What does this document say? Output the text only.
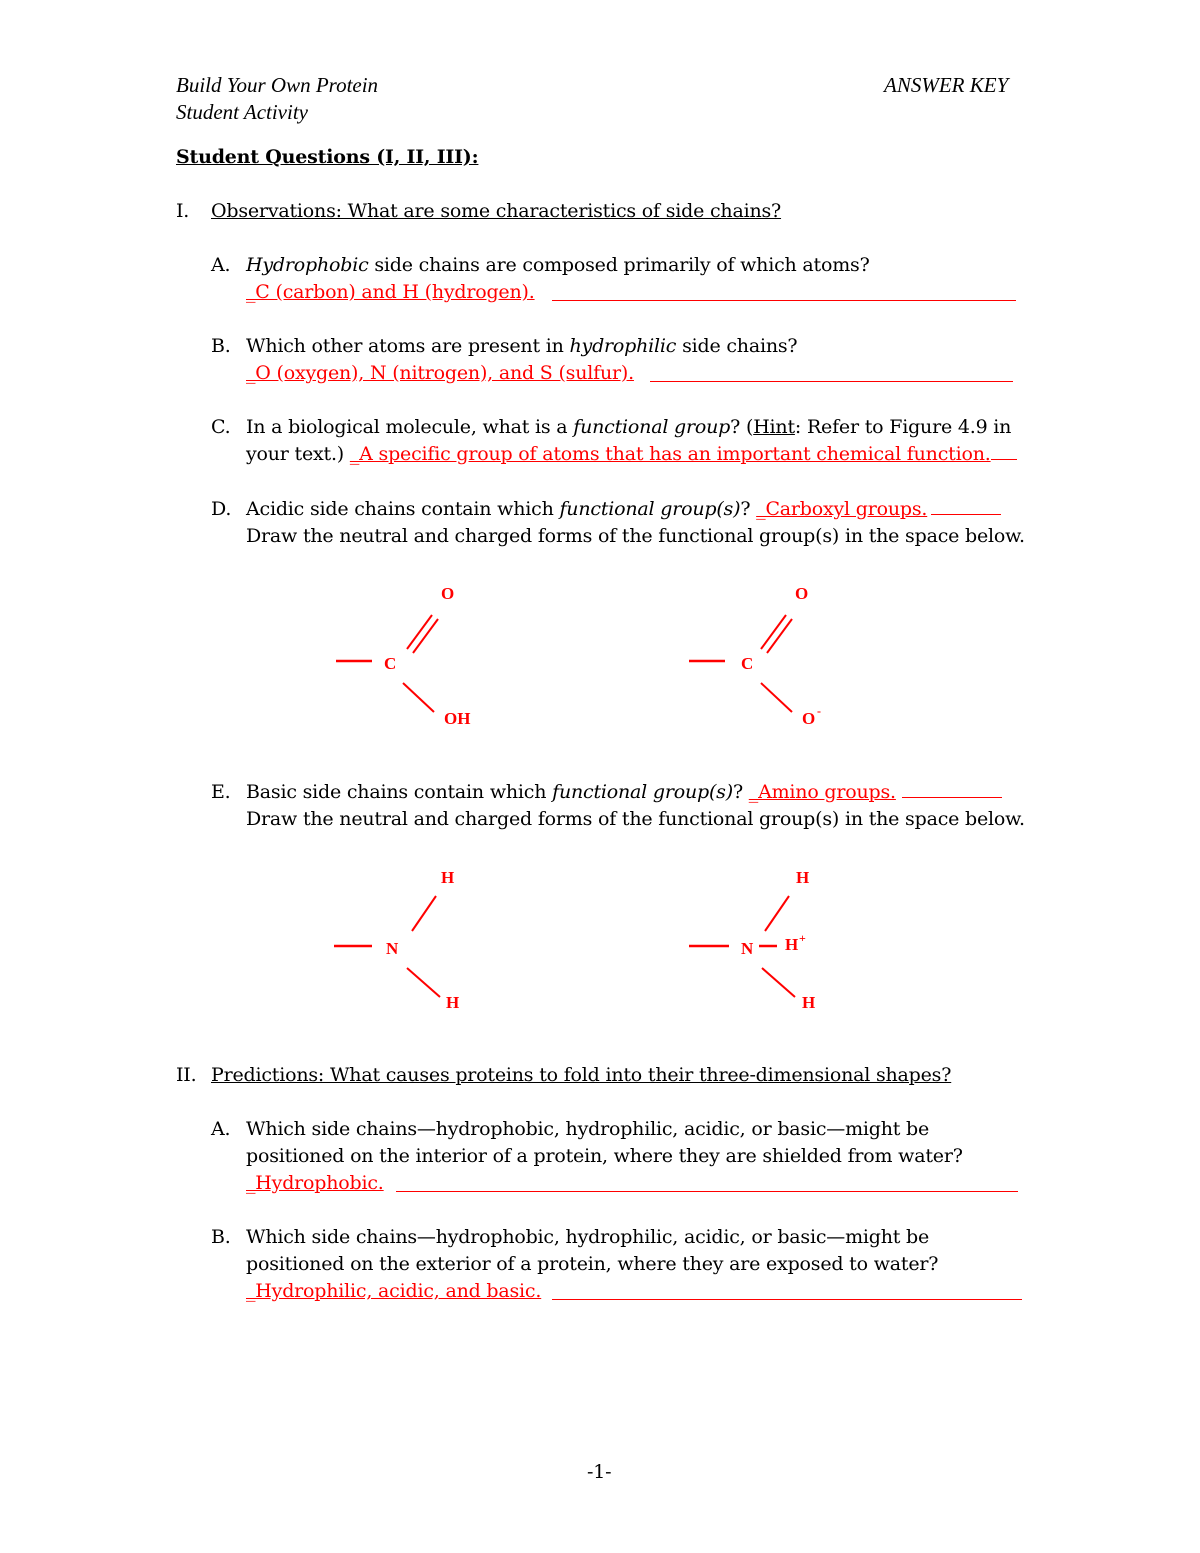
Build Your Own Protein
Student Activity
ANSWER KEY
Student Questions (I, II, III):
I. Observations: What are some characteristics of side chains?
A. Hydrophobic side chains are composed primarily of which atoms?
_C (carbon) and H (hydrogen).
B. Which other atoms are present in hydrophilic side chains?
_O (oxygen), N (nitrogen), and S (sulfur).
C. In a biological molecule, what is a functional group? (Hint: Refer to Figure 4.9 in
your text.) _A specific group of atoms that has an important chemical function.
D. Acidic side chains contain which functional group(s)? _Carboxyl groups.
Draw the neutral and charged forms of the functional group(s) in the space below.
O
C
OH
O
C
O -
E. Basic side chains contain which functional group(s)? _Amino groups.
Draw the neutral and charged forms of the functional group(s) in the space below.
H
N
H
H
N H +
H
II. Predictions: What causes proteins to fold into their three-dimensional shapes?
A. Which side chains—hydrophobic, hydrophilic, acidic, or basic—might be
positioned on the interior of a protein, where they are shielded from water?
_Hydrophobic.
B. Which side chains—hydrophobic, hydrophilic, acidic, or basic—might be
positioned on the exterior of a protein, where they are exposed to water?
_Hydrophilic, acidic, and basic.
-1-
